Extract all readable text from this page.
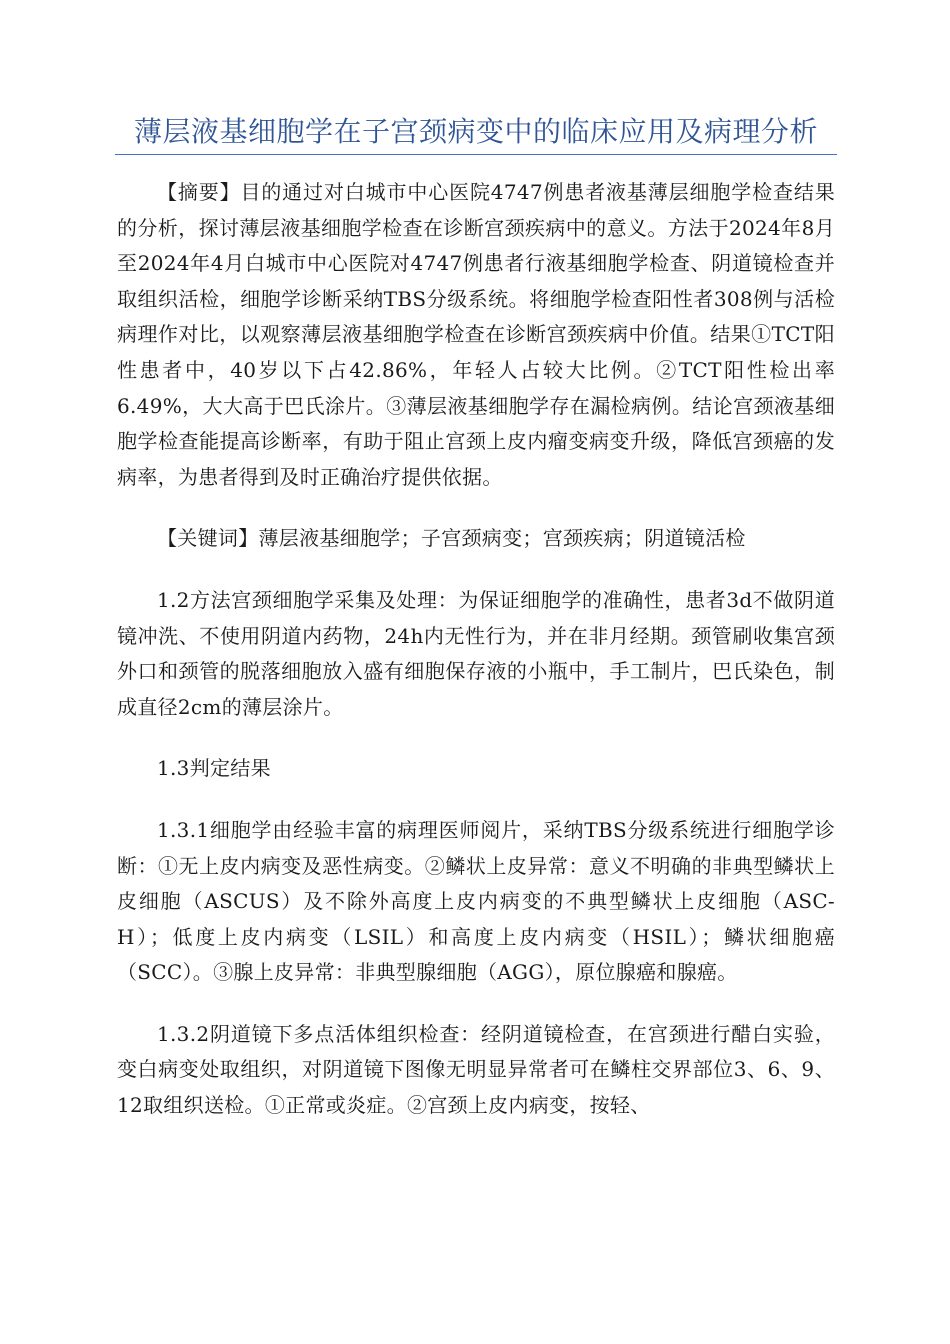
薄层液基细胞学在子宫颈病变中的临床应用及病理分析

【摘要】目的通过对白城市中心医院4747例患者液基薄层细胞学检查结果的分析，探讨薄层液基细胞学检查在诊断宫颈疾病中的意义。方法于2024年8月至2024年4月白城市中心医院对4747例患者行液基细胞学检查、阴道镜检查并取组织活检，细胞学诊断采纳TBS分级系统。将细胞学检查阳性者308例与活检病理作对比，以观察薄层液基细胞学检查在诊断宫颈疾病中价值。结果①TCT阳性患者中，40岁以下占42.86%，年轻人占较大比例。②TCT阳性检出率6.49%，大大高于巴氏涂片。③薄层液基细胞学存在漏检病例。结论宫颈液基细胞学检查能提高诊断率，有助于阻止宫颈上皮内瘤变病变升级，降低宫颈癌的发病率，为患者得到及时正确治疗提供依据。

【关键词】薄层液基细胞学；子宫颈病变；宫颈疾病；阴道镜活检

1.2方法宫颈细胞学采集及处理：为保证细胞学的准确性，患者3d不做阴道镜冲洗、不使用阴道内药物，24h内无性行为，并在非月经期。颈管刷收集宫颈外口和颈管的脱落细胞放入盛有细胞保存液的小瓶中，手工制片，巴氏染色，制成直径2cm的薄层涂片。

1.3判定结果

1.3.1细胞学由经验丰富的病理医师阅片，采纳TBS分级系统进行细胞学诊断：①无上皮内病变及恶性病变。②鳞状上皮异常：意义不明确的非典型鳞状上皮细胞（ASCUS）及不除外高度上皮内病变的不典型鳞状上皮细胞（ASC-H）；低度上皮内病变（LSIL）和高度上皮内病变（HSIL）；鳞状细胞癌（SCC）。③腺上皮异常：非典型腺细胞（AGG），原位腺癌和腺癌。

1.3.2阴道镜下多点活体组织检查：经阴道镜检查，在宫颈进行醋白实验，变白病变处取组织，对阴道镜下图像无明显异常者可在鳞柱交界部位3、6、9、12取组织送检。①正常或炎症。②宫颈上皮内病变，按轻、
